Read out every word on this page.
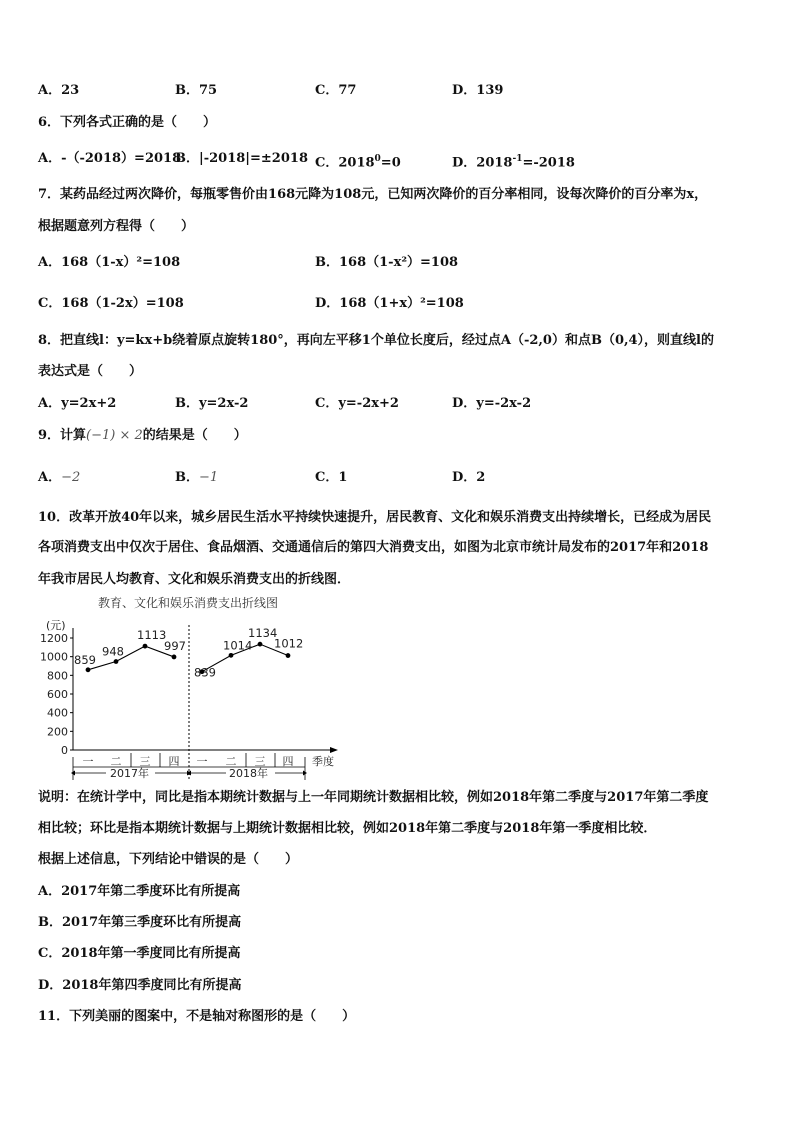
A．23	B．75	C．77	D．139
6．下列各式正确的是（　　）
A．-（-2018）=2018
B．|-2018|=±2018 C．$2018^0=0$	D．$2018^{-1}=-2018$
7．某药品经过两次降价，每瓶零售价由168元降为108元，已知两次降价的百分率相同，设每次降价的百分率为x，
根据题意列方程得（　　）
A．168（1-x）²=108	B．168（1-x²）=108
C．168（1-2x）=108	D．168（1+x）²=108
8．把直线l：y=kx+b绕着原点旋转180°，再向左平移1个单位长度后，经过点A（-2,0）和点B（0,4），则直线l的
表达式是（　　）
A．y=2x+2	B．y=2x-2	C．y=-2x+2	D．y=-2x-2
9．计算(−1) × 2的结果是（　　）
A．−2	B．−1	C．1	D．2
10．改革开放40年以来，城乡居民生活水平持续快速提升，居民教育、文化和娱乐消费支出持续增长，已经成为居民
各项消费支出中仅次于居住、食品烟酒、交通通信后的第四大消费支出，如图为北京市统计局发布的2017年和2018
年我市居民人均教育、文化和娱乐消费支出的折线图．
教育、文化和娱乐消费支出折线图
(元)
0
200
400
600
800
1000
1200
季度
一 二 三 四 一 二 三 四
859
948
1113
997
839
1014
1134
1012
2017年	2018年
说明：在统计学中，同比是指本期统计数据与上一年同期统计数据相比较，例如2018年第二季度与2017年第二季度
相比较；环比是指本期统计数据与上期统计数据相比较，例如2018年第二季度与2018年第一季度相比较．
根据上述信息，下列结论中错误的是（　　）
A．2017年第二季度环比有所提高
B．2017年第三季度环比有所提高
C．2018年第一季度同比有所提高
D．2018年第四季度同比有所提高
11．下列美丽的图案中，不是轴对称图形的是（　　）
